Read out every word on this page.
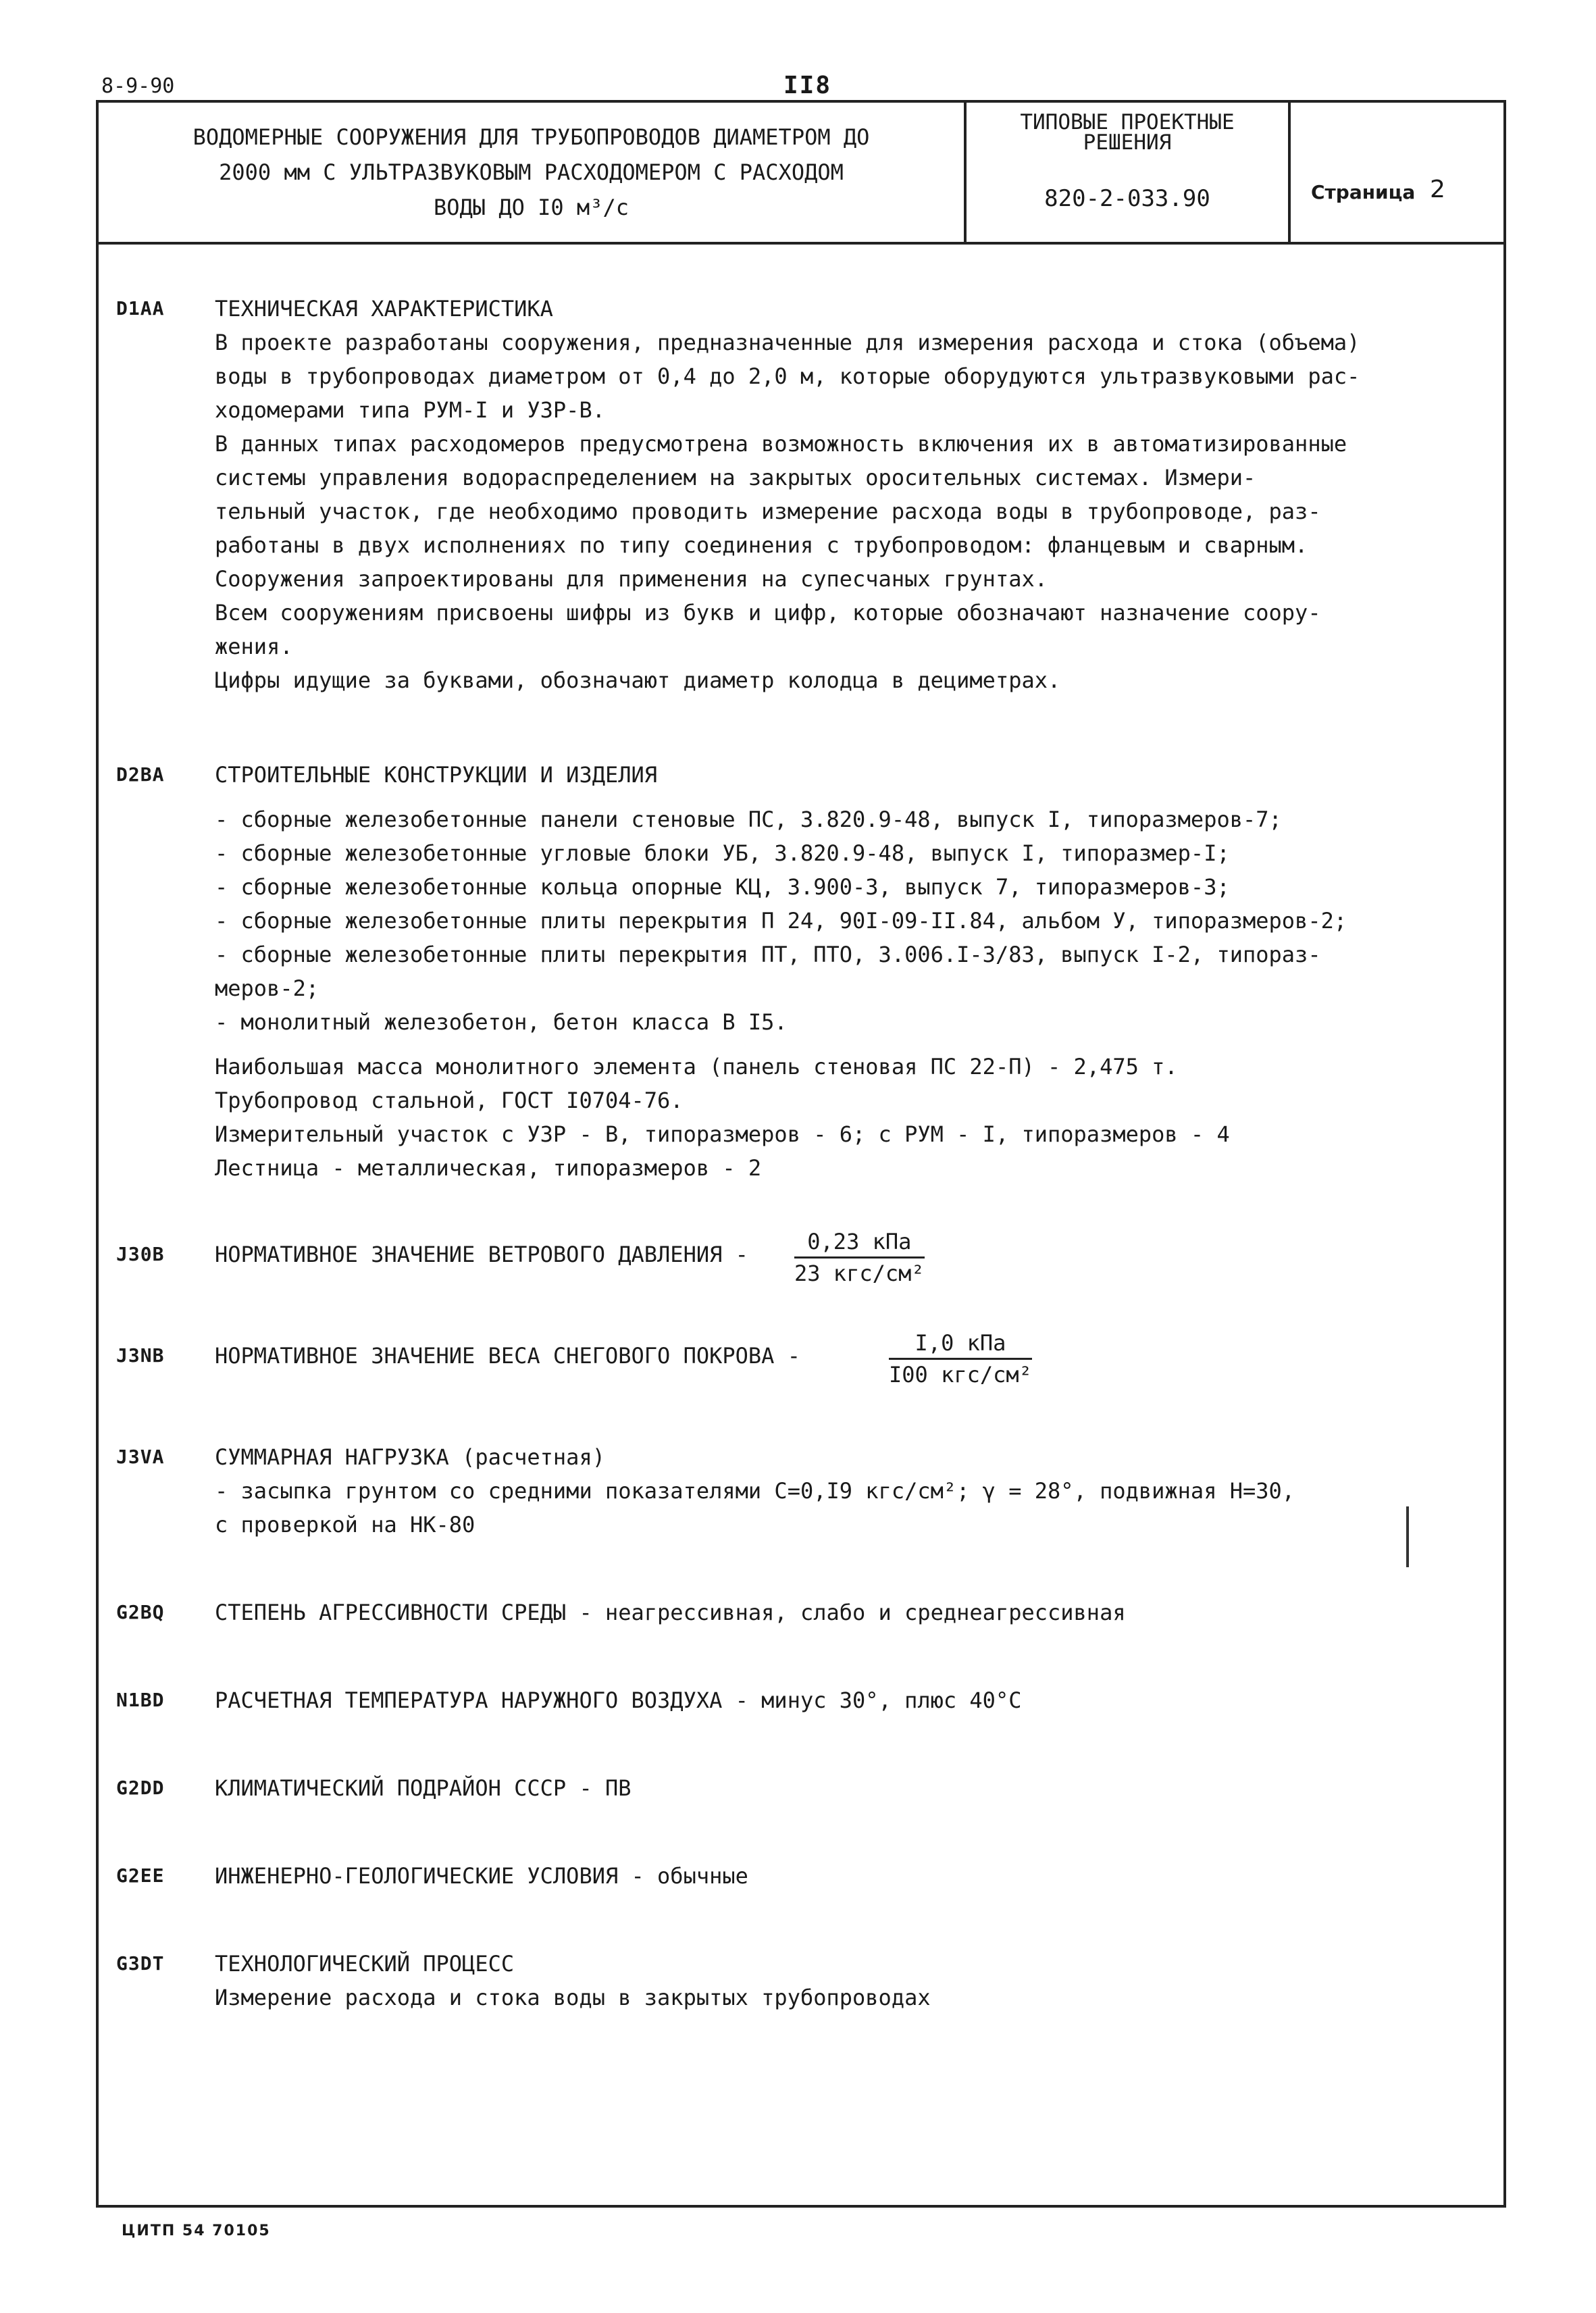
8-9-90	II8
ВОДОМЕРНЫЕ СООРУЖЕНИЯ ДЛЯ ТРУБОПРОВОДОВ ДИАМЕТРОМ ДО
2000 мм С УЛЬТРАЗВУКОВЫМ РАСХОДОМЕРОМ С РАСХОДОМ
ВОДЫ ДО I0 м³/с
ТИПОВЫЕ ПРОЕКТНЫЕ
РЕШЕНИЯ
820-2-033.90	Страница 2
D1AA ТЕХНИЧЕСКАЯ ХАРАКТЕРИСТИКА
В проекте разработаны сооружения, предназначенные для измерения расхода и стока (объема)
воды в трубопроводах диаметром от 0,4 до 2,0 м, которые оборудуются ультразвуковыми рас-
ходомерами типа РУМ-I и УЗР-В.
В данных типах расходомеров предусмотрена возможность включения их в автоматизированные
системы управления водораспределением на закрытых оросительных системах. Измери-
тельный участок, где необходимо проводить измерение расхода воды в трубопроводе, раз-
работаны в двух исполнениях по типу соединения с трубопроводом: фланцевым и сварным.
Сооружения запроектированы для применения на супесчаных грунтах.
Всем сооружениям присвоены шифры из букв и цифр, которые обозначают назначение соору-
жения.
Цифры идущие за буквами, обозначают диаметр колодца в дециметрах.
D2BA СТРОИТЕЛЬНЫЕ КОНСТРУКЦИИ И ИЗДЕЛИЯ
- сборные железобетонные панели стеновые ПС, 3.820.9-48, выпуск I, типоразмеров-7;
- сборные железобетонные угловые блоки УБ, 3.820.9-48, выпуск I, типоразмер-I;
- сборные железобетонные кольца опорные КЦ, 3.900-3, выпуск 7, типоразмеров-3;
- сборные железобетонные плиты перекрытия П 24, 90I-09-II.84, альбом У, типоразмеров-2;
- сборные железобетонные плиты перекрытия ПТ, ПТО, 3.006.I-3/83, выпуск I-2, типораз-
меров-2;
- монолитный железобетон, бетон класса В I5.
Наибольшая масса монолитного элемента (панель стеновая ПС 22-П) - 2,475 т.
Трубопровод стальной, ГОСТ I0704-76.
Измерительный участок с УЗР - В, типоразмеров - 6; с РУМ - I, типоразмеров - 4
Лестница - металлическая, типоразмеров - 2
J30B НОРМАТИВНОЕ ЗНАЧЕНИЕ ВЕТРОВОГО ДАВЛЕНИЯ -	0,23 кПа
23 кгс/см²
J3NB НОРМАТИВНОЕ ЗНАЧЕНИЕ ВЕСА СНЕГОВОГО ПОКРОВА -	I,0 кПа
I00 кгс/см²
J3VA СУММАРНАЯ НАГРУЗКА (расчетная)
- засыпка грунтом со средними показателями С=0,I9 кгс/см²; γ = 28°, подвижная Н=30,
с проверкой на НК-80
G2BQ СТЕПЕНЬ АГРЕССИВНОСТИ СРЕДЫ - неагрессивная, слабо и среднеагрессивная
N1BD РАСЧЕТНАЯ ТЕМПЕРАТУРА НАРУЖНОГО ВОЗДУХА - минус 30°, плюс 40°С
G2DD КЛИМАТИЧЕСКИЙ ПОДРАЙОН СССР - ПВ
G2EE ИНЖЕНЕРНО-ГЕОЛОГИЧЕСКИЕ УСЛОВИЯ - обычные
G3DT ТЕХНОЛОГИЧЕСКИЙ ПРОЦЕСС
Измерение расхода и стока воды в закрытых трубопроводах
ЦИТП 54 70105
